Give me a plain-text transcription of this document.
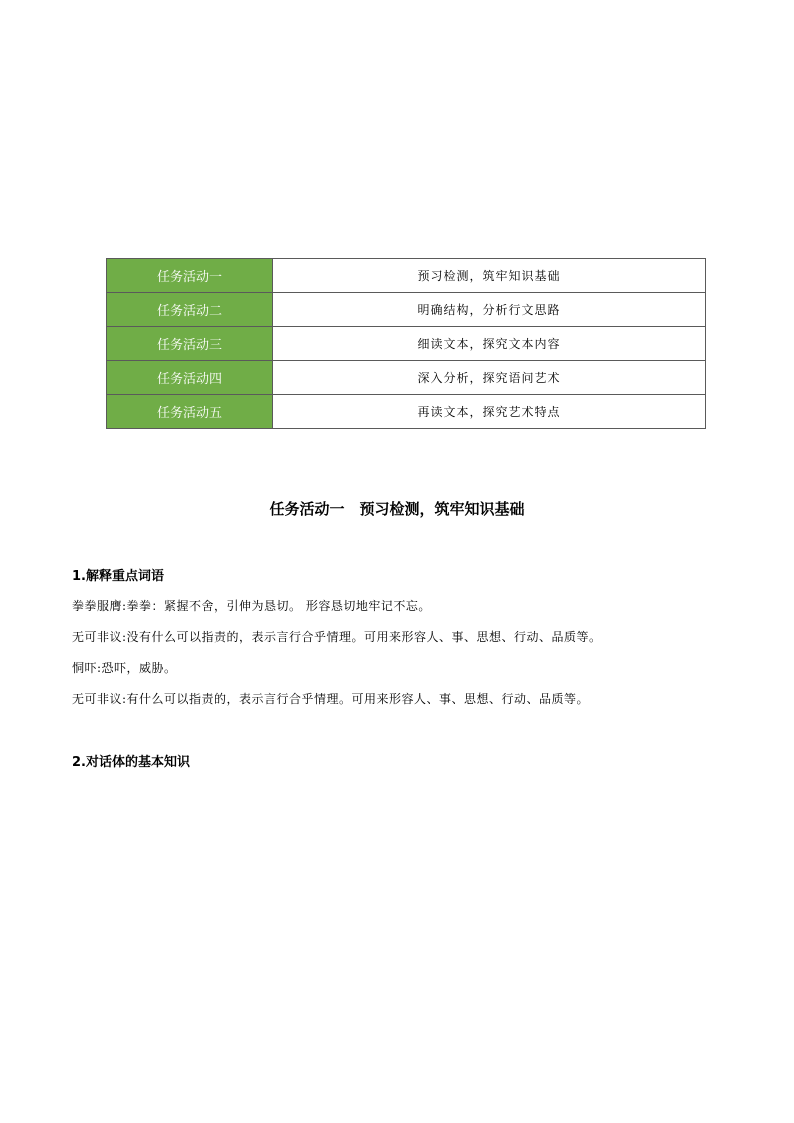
任务活动一	预习检测，筑牢知识基础
任务活动二	明确结构，分析行文思路
任务活动三	细读文本，探究文本内容
任务活动四	深入分析，探究语问艺术
任务活动五	再读文本，探究艺术特点
任务活动一　预习检测，筑牢知识基础
1.解释重点词语
拳拳服膺:拳拳：紧握不舍，引伸为恳切。 形容恳切地牢记不忘。
无可非议:没有什么可以指责的，表示言行合乎情理。可用来形容人、事、思想、行动、品质等。
恫吓:恐吓，威胁。
无可非议:有什么可以指责的，表示言行合乎情理。可用来形容人、事、思想、行动、品质等。
2.对话体的基本知识
